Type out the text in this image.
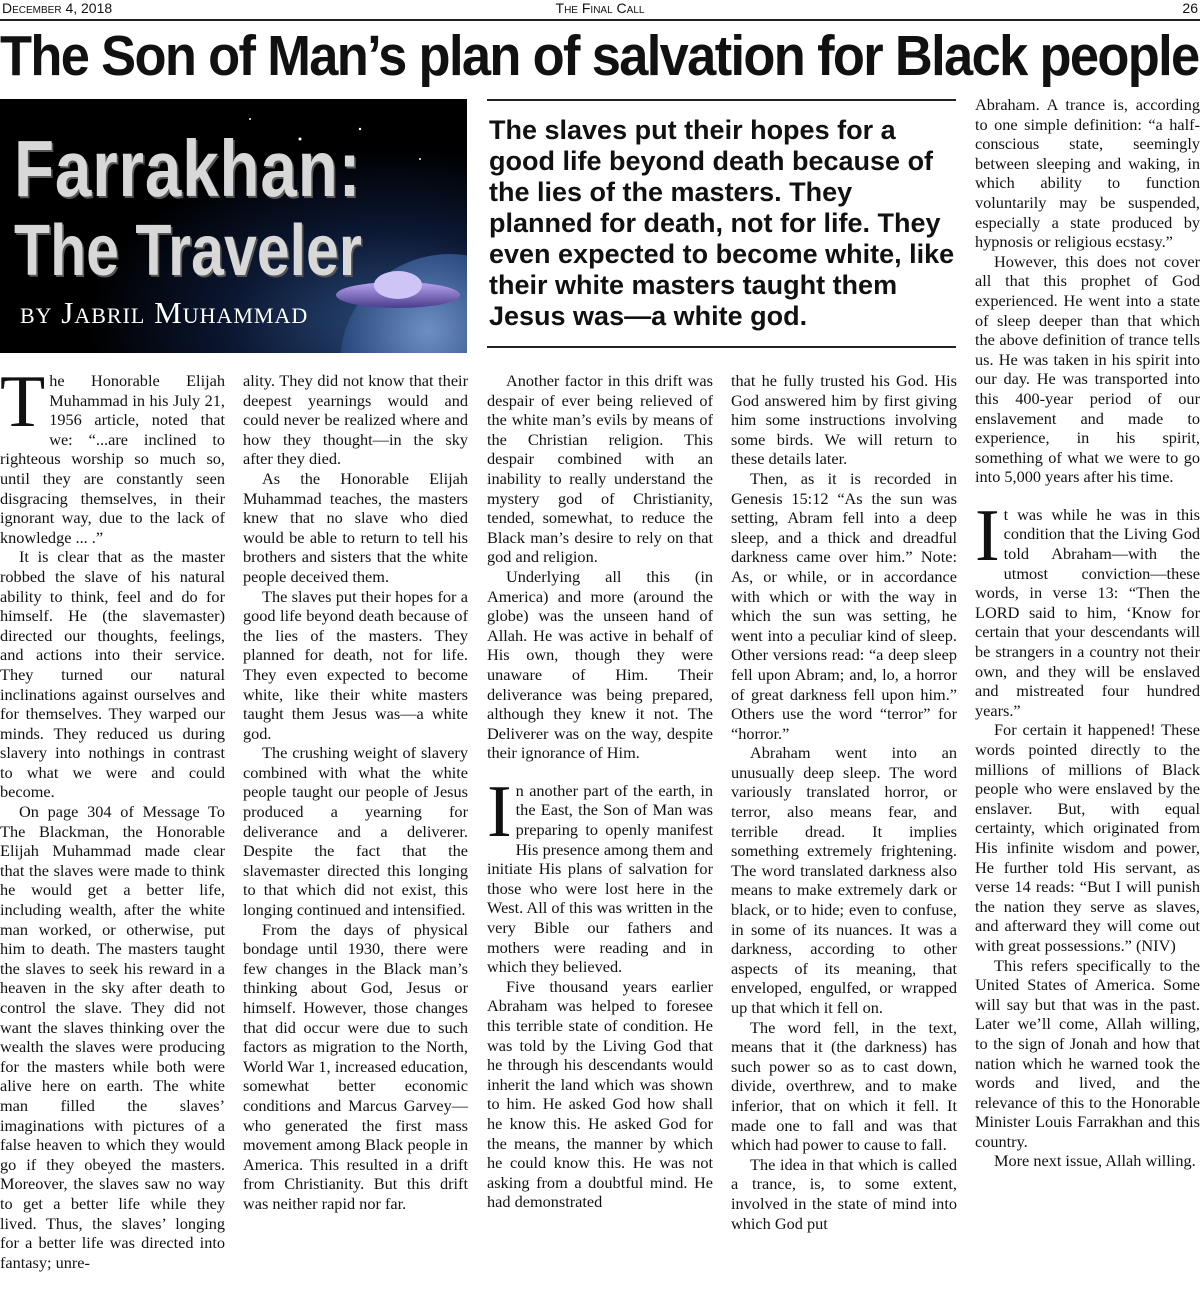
December 4, 2018	The Final Call	26
The Son of Man’s plan of salvation for Black people
Farrakhan:
The Traveler
by Jabril Muhammad

The slaves put their hopes for a good life beyond death because of the lies of the masters. They planned for death, not for life. They even expected to become white, like their white masters taught them Jesus was—a white god.

The Honorable Elijah Muhammad in his July 21, 1956 article, noted that we: “...are inclined to righteous worship so much so, until they are constantly seen disgracing themselves, in their ignorant way, due to the lack of knowledge ... .”

It is clear that as the master robbed the slave of his natural ability to think, feel and do for himself. He (the slavemaster) directed our thoughts, feelings, and actions into their service. They turned our natural inclinations against ourselves and for themselves. They warped our minds. They reduced us during slavery into nothings in contrast to what we were and could become.

On page 304 of Message To The Blackman, the Honorable Elijah Muhammad made clear that the slaves were made to think he would get a better life, including wealth, after the white man worked, or otherwise, put him to death. The masters taught the slaves to seek his reward in a heaven in the sky after death to control the slave. They did not want the slaves thinking over the wealth the slaves were producing for the masters while both were alive here on earth. The white man filled the slaves’ imaginations with pictures of a false heaven to which they would go if they obeyed the masters. Moreover, the slaves saw no way to get a better life while they lived. Thus, the slaves’ longing for a better life was directed into fantasy; unre-

ality. They did not know that their deepest yearnings would and could never be realized where and how they thought—in the sky after they died.

As the Honorable Elijah Muhammad teaches, the masters knew that no slave who died would be able to return to tell his brothers and sisters that the white people deceived them.

The slaves put their hopes for a good life beyond death because of the lies of the masters. They planned for death, not for life. They even expected to become white, like their white masters taught them Jesus was—a white god.

The crushing weight of slavery combined with what the white people taught our people of Jesus produced a yearning for deliverance and a deliverer. Despite the fact that the slavemaster directed this longing to that which did not exist, this longing continued and intensified.

From the days of physical bondage until 1930, there were few changes in the Black man’s thinking about God, Jesus or himself. However, those changes that did occur were due to such factors as migration to the North, World War 1, increased education, somewhat better economic conditions and Marcus Garvey—who generated the first mass movement among Black people in America. This resulted in a drift from Christianity. But this drift was neither rapid nor far.

Another factor in this drift was despair of ever being relieved of the white man’s evils by means of the Christian religion. This despair combined with an inability to really understand the mystery god of Christianity, tended, somewhat, to reduce the Black man’s desire to rely on that god and religion.

Underlying all this (in America) and more (around the globe) was the unseen hand of Allah. He was active in behalf of His own, though they were unaware of Him. Their deliverance was being prepared, although they knew it not. The Deliverer was on the way, despite their ignorance of Him.

In another part of the earth, in the East, the Son of Man was preparing to openly manifest His presence among them and initiate His plans of salvation for those who were lost here in the West. All of this was written in the very Bible our fathers and mothers were reading and in which they believed.

Five thousand years earlier Abraham was helped to foresee this terrible state of condition. He was told by the Living God that he through his descendants would inherit the land which was shown to him. He asked God how shall he know this. He asked God for the means, the manner by which he could know this. He was not asking from a doubtful mind. He had demonstrated

that he fully trusted his God. His God answered him by first giving him some instructions involving some birds. We will return to these details later.

Then, as it is recorded in Genesis 15:12 “As the sun was setting, Abram fell into a deep sleep, and a thick and dreadful darkness came over him.” Note: As, or while, or in accordance with which or with the way in which the sun was setting, he went into a peculiar kind of sleep. Other versions read: “a deep sleep fell upon Abram; and, lo, a horror of great darkness fell upon him.” Others use the word “terror” for “horror.”

Abraham went into an unusually deep sleep. The word variously translated horror, or terror, also means fear, and terrible dread. It implies something extremely frightening. The word translated darkness also means to make extremely dark or black, or to hide; even to confuse, in some of its nuances. It was a darkness, according to other aspects of its meaning, that enveloped, engulfed, or wrapped up that which it fell on.

The word fell, in the text, means that it (the darkness) has such power so as to cast down, divide, overthrew, and to make inferior, that on which it fell. It made one to fall and was that which had power to cause to fall.

The idea in that which is called a trance, is, to some extent, involved in the state of mind into which God put

Abraham. A trance is, according to one simple definition: “a half-conscious state, seemingly between sleeping and waking, in which ability to function voluntarily may be suspended, especially a state produced by hypnosis or religious ecstasy.”

However, this does not cover all that this prophet of God experienced. He went into a state of sleep deeper than that which the above definition of trance tells us. He was taken in his spirit into our day. He was transported into this 400-year period of our enslavement and made to experience, in his spirit, something of what we were to go into 5,000 years after his time.

It was while he was in this condition that the Living God told Abraham—with the utmost conviction—these words, in verse 13: “Then the LORD said to him, ‘Know for certain that your descendants will be strangers in a country not their own, and they will be enslaved and mistreated four hundred years.”

For certain it happened! These words pointed directly to the millions of millions of Black people who were enslaved by the enslaver. But, with equal certainty, which originated from His infinite wisdom and power, He further told His servant, as verse 14 reads: “But I will punish the nation they serve as slaves, and afterward they will come out with great possessions.” (NIV)

This refers specifically to the United States of America. Some will say but that was in the past. Later we’ll come, Allah willing, to the sign of Jonah and how that nation which he warned took the words and lived, and the relevance of this to the Honorable Minister Louis Farrakhan and this country.

More next issue, Allah willing.
